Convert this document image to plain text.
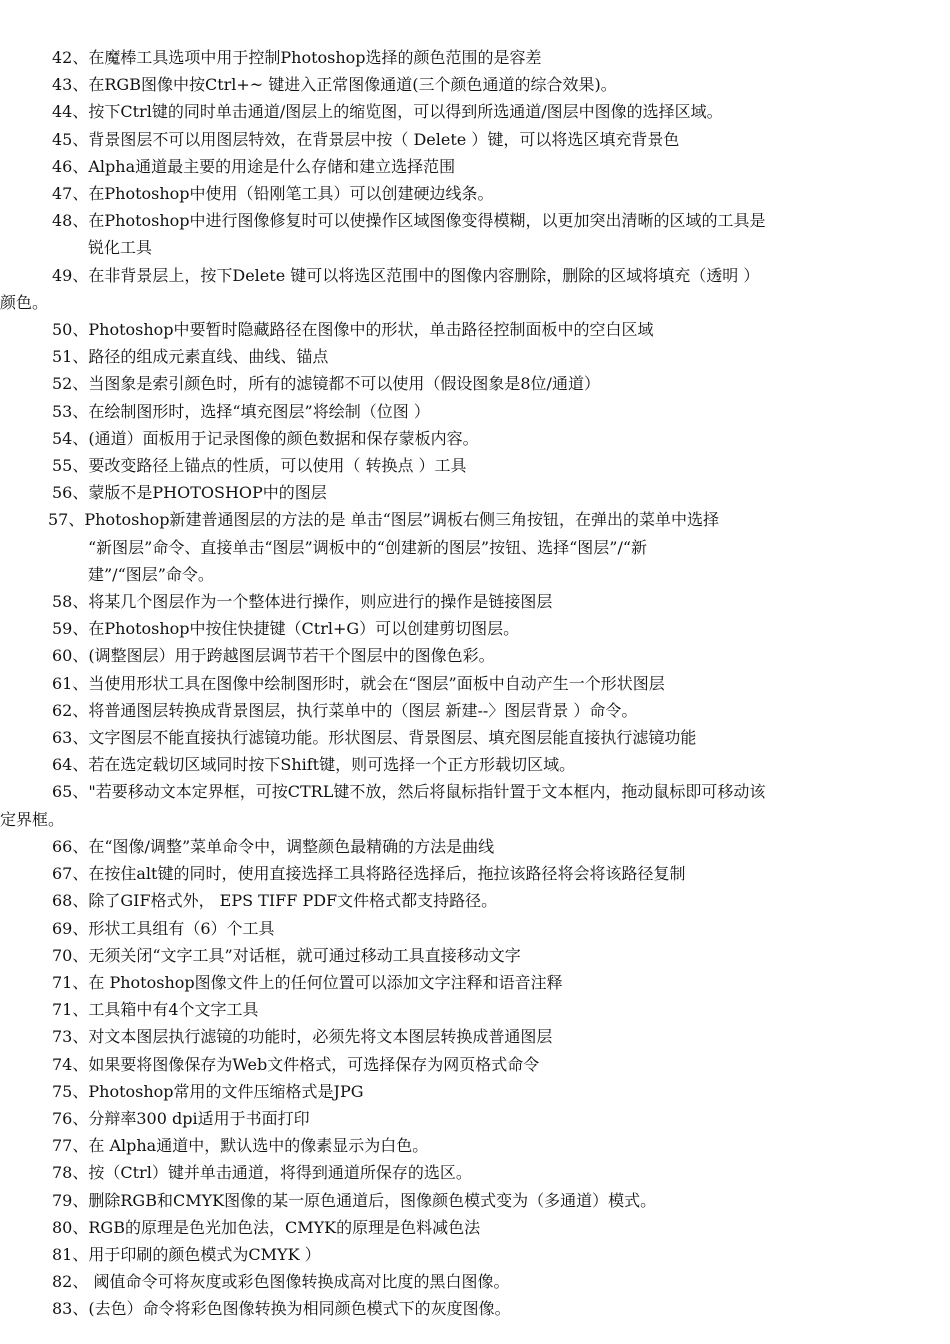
42、在魔棒工具选项中用于控制Photoshop选择的颜色范围的是容差
43、在RGB图像中按Ctrl+~ 键进入正常图像通道(三个颜色通道的综合效果)。
44、按下Ctrl键的同时单击通道/图层上的缩览图，可以得到所选通道/图层中图像的选择区域。
45、背景图层不可以用图层特效，在背景层中按（ Delete ）键，可以将选区填充背景色
46、Alpha通道最主要的用途是什么存储和建立选择范围
47、在Photoshop中使用（铅刚笔工具）可以创建硬边线条。
48、在Photoshop中进行图像修复时可以使操作区域图像变得模糊，以更加突出清晰的区域的工具是
锐化工具
49、在非背景层上，按下Delete 键可以将选区范围中的图像内容删除，删除的区域将填充（透明 ）
颜色。
50、Photoshop中要暂时隐藏路径在图像中的形状，单击路径控制面板中的空白区域
51、路径的组成元素直线、曲线、锚点
52、当图象是索引颜色时，所有的滤镜都不可以使用（假设图象是8位/通道）
53、在绘制图形时，选择“填充图层”将绘制（位图 ）
54、(通道）面板用于记录图像的颜色数据和保存蒙板内容。
55、要改变路径上锚点的性质，可以使用（ 转换点 ）工具
56、蒙版不是PHOTOSHOP中的图层
57、Photoshop新建普通图层的方法的是 单击“图层”调板右侧三角按钮，在弹出的菜单中选择
“新图层”命令、直接单击“图层”调板中的“创建新的图层”按钮、选择“图层”/“新
建”/“图层”命令。
58、将某几个图层作为一个整体进行操作，则应进行的操作是链接图层
59、在Photoshop中按住快捷键（Ctrl+G）可以创建剪切图层。
60、(调整图层）用于跨越图层调节若干个图层中的图像色彩。
61、当使用形状工具在图像中绘制图形时，就会在“图层”面板中自动产生一个形状图层
62、将普通图层转换成背景图层，执行菜单中的（图层 新建--〉图层背景 ）命令。
63、文字图层不能直接执行滤镜功能。形状图层、背景图层、填充图层能直接执行滤镜功能
64、若在选定载切区域同时按下Shift键，则可选择一个正方形载切区域。
65、"若要移动文本定界框，可按CTRL键不放，然后将鼠标指针置于文本框内，拖动鼠标即可移动该
定界框。
66、在“图像/调整”菜单命令中，调整颜色最精确的方法是曲线
67、在按住alt键的同时，使用直接选择工具将路径选择后，拖拉该路径将会将该路径复制
68、除了GIF格式外， EPS TIFF PDF文件格式都支持路径。
69、形状工具组有（6）个工具
70、无须关闭“文字工具”对话框，就可通过移动工具直接移动文字
71、在 Photoshop图像文件上的任何位置可以添加文字注释和语音注释
71、工具箱中有4个文字工具
73、对文本图层执行滤镜的功能时，必须先将文本图层转换成普通图层
74、如果要将图像保存为Web文件格式，可选择保存为网页格式命令
75、Photoshop常用的文件压缩格式是JPG
76、分辩率300 dpi适用于书面打印
77、在 Alpha通道中，默认选中的像素显示为白色。
78、按（Ctrl）键并单击通道，将得到通道所保存的选区。
79、删除RGB和CMYK图像的某一原色通道后，图像颜色模式变为（多通道）模式。
80、RGB的原理是色光加色法，CMYK的原理是色料减色法
81、用于印刷的颜色模式为CMYK ）
82、 阈值命令可将灰度或彩色图像转换成高对比度的黑白图像。
83、(去色）命令将彩色图像转换为相同颜色模式下的灰度图像。
